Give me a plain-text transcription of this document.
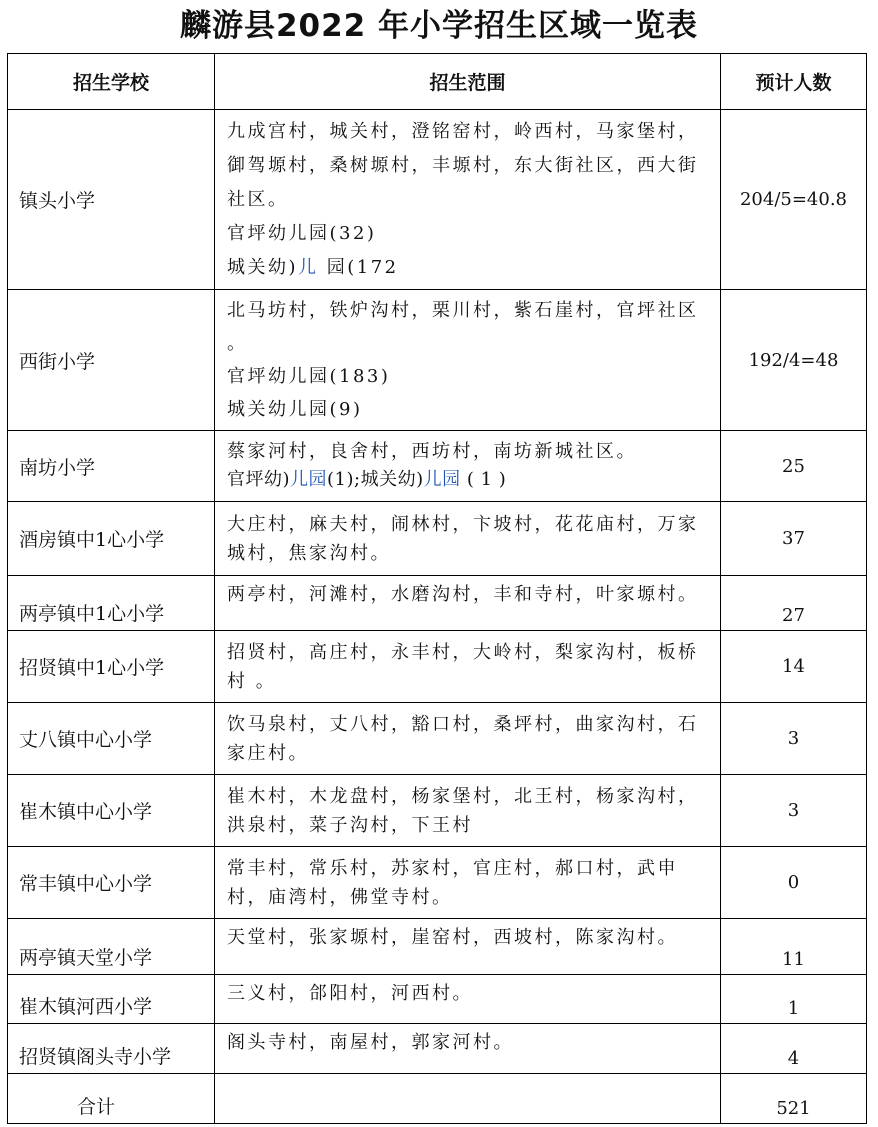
麟游县2022 年小学招生区域一览表
招生学校	招生范围	预计人数
镇头小学	九成宫村，城关村，澄铭窑村，岭西村，马家堡村，御驾塬村，桑树塬村，丰塬村，东大街社区，西大街社区。

官坪幼儿园(32)

城关幼)儿 园(172	204/5=40.8
西街小学	北马坊村，铁炉沟村，栗川村，紫石崖村，官坪社区 。

官坪幼儿园(183)

城关幼儿园(9)	192/4=48
南坊小学	蔡家河村，良舍村，西坊村，南坊新城社区。

官坪幼)儿园(1);城关幼)儿园 ( 1 )	25
酒房镇中1心小学	大庄村，麻夫村，闹林村，卞坡村，花花庙村，万家城村，焦家沟村。	37
两亭镇中1心小学	两亭村，河滩村，水磨沟村，丰和寺村，叶家塬村。	27
招贤镇中1心小学	招贤村，高庄村，永丰村，大岭村，梨家沟村，板桥 村 。	14
丈八镇中心小学	饮马泉村，丈八村，豁口村，桑坪村，曲家沟村，石家庄村。	3
崔木镇中心小学	崔木村，木龙盘村，杨家堡村，北王村，杨家沟村，洪泉村，菜子沟村，下王村	3
常丰镇中心小学	常丰村，常乐村，苏家村，官庄村，郝口村，武申村，庙湾村，佛堂寺村。	0
两亭镇天堂小学	天堂村，张家塬村，崖窑村，西坡村，陈家沟村。	11
崔木镇河西小学	三义村，郃阳村，河西村。	1
招贤镇阁头寺小学	阁头寺村，南屋村，郭家河村。	4
合计		521
